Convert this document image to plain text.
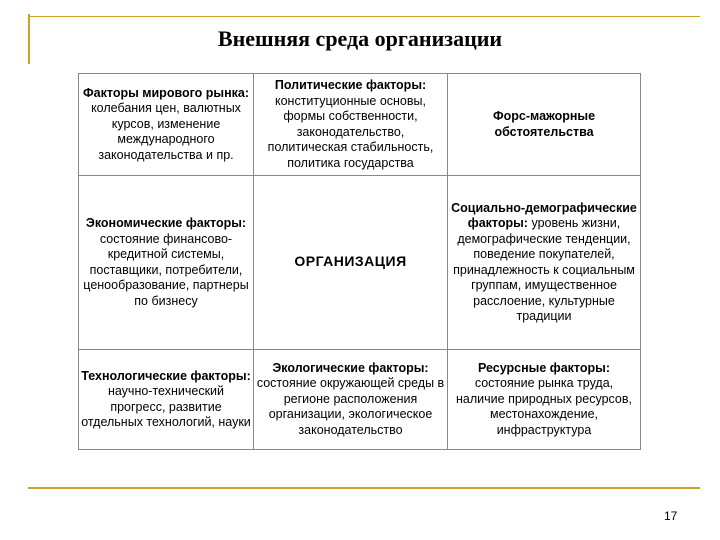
Внешняя среда организации
Факторы мирового рынка: колебания цен, валютных курсов, изменение международного законодательства и пр.	Политические факторы: конституционные основы, формы собственности, законодательство, политическая стабильность, политика государства	Форс-мажорные обстоятельства
Экономические факторы: состояние финансово-кредитной системы, поставщики, потребители, ценообразование, партнеры по бизнесу	ОРГАНИЗАЦИЯ	Социально-демографические факторы: уровень жизни, демографические тенденции, поведение покупателей, принадлежность к социальным группам, имущественное расслоение, культурные традиции
Технологические факторы: научно-технический прогресс, развитие отдельных технологий, науки	Экологические факторы: состояние окружающей среды в регионе расположения организации, экологическое законодательство	Ресурсные факторы: состояние рынка труда, наличие природных ресурсов, местонахождение, инфраструктура
17
